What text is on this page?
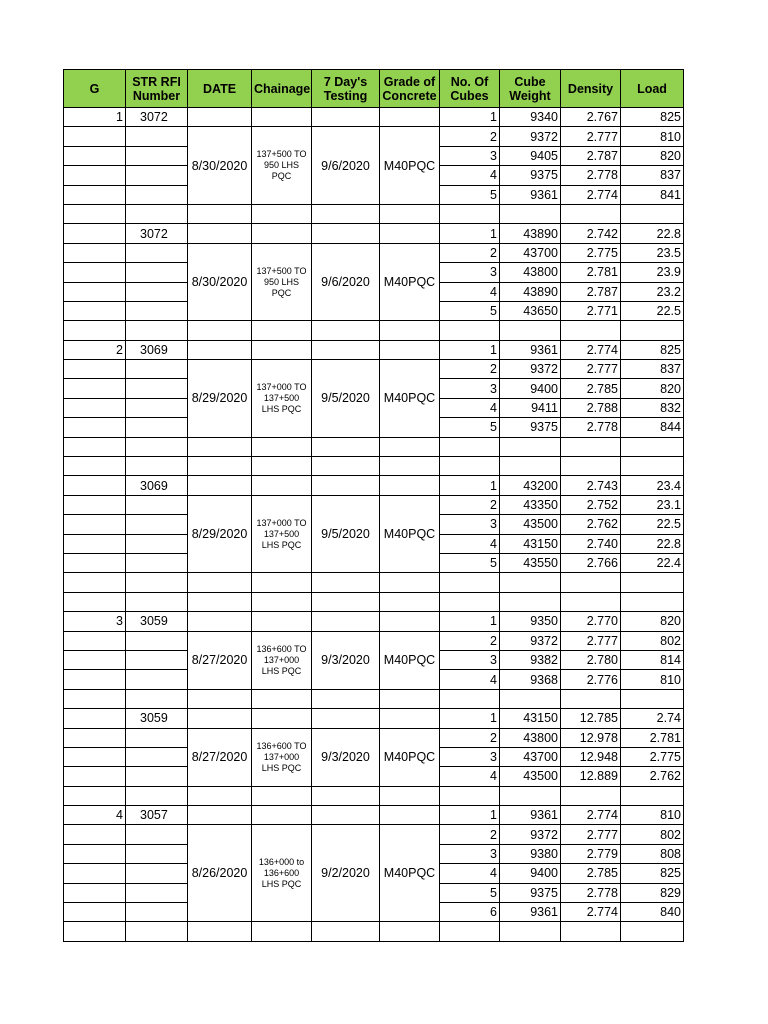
G	STR RFI Number	DATE	Chainage	7 Day's Testing	Grade of Concrete	No. Of Cubes	Cube Weight	Density	Load
1	3072					1	9340	2.767	825
		8/30/2020	137+500 TO 950 LHS PQC	9/6/2020	M40PQC	2	9372	2.777	810
						3	9405	2.787	820
						4	9375	2.778	837
						5	9361	2.774	841

	3072					1	43890	2.742	22.8
		8/30/2020	137+500 TO 950 LHS PQC	9/6/2020	M40PQC	2	43700	2.775	23.5
						3	43800	2.781	23.9
						4	43890	2.787	23.2
						5	43650	2.771	22.5

2	3069					1	9361	2.774	825
		8/29/2020	137+000 TO 137+500 LHS PQC	9/5/2020	M40PQC	2	9372	2.777	837
						3	9400	2.785	820
						4	9411	2.788	832
						5	9375	2.778	844

	3069					1	43200	2.743	23.4
		8/29/2020	137+000 TO 137+500 LHS PQC	9/5/2020	M40PQC	2	43350	2.752	23.1
						3	43500	2.762	22.5
						4	43150	2.740	22.8
						5	43550	2.766	22.4

3	3059					1	9350	2.770	820
		8/27/2020	136+600 TO 137+000 LHS PQC	9/3/2020	M40PQC	2	9372	2.777	802
						3	9382	2.780	814
						4	9368	2.776	810

	3059					1	43150	12.785	2.74
		8/27/2020	136+600 TO 137+000 LHS PQC	9/3/2020	M40PQC	2	43800	12.978	2.781
						3	43700	12.948	2.775
						4	43500	12.889	2.762

4	3057					1	9361	2.774	810
		8/26/2020	136+000 to 136+600 LHS PQC	9/2/2020	M40PQC	2	9372	2.777	802
						3	9380	2.779	808
						4	9400	2.785	825
						5	9375	2.778	829
						6	9361	2.774	840
